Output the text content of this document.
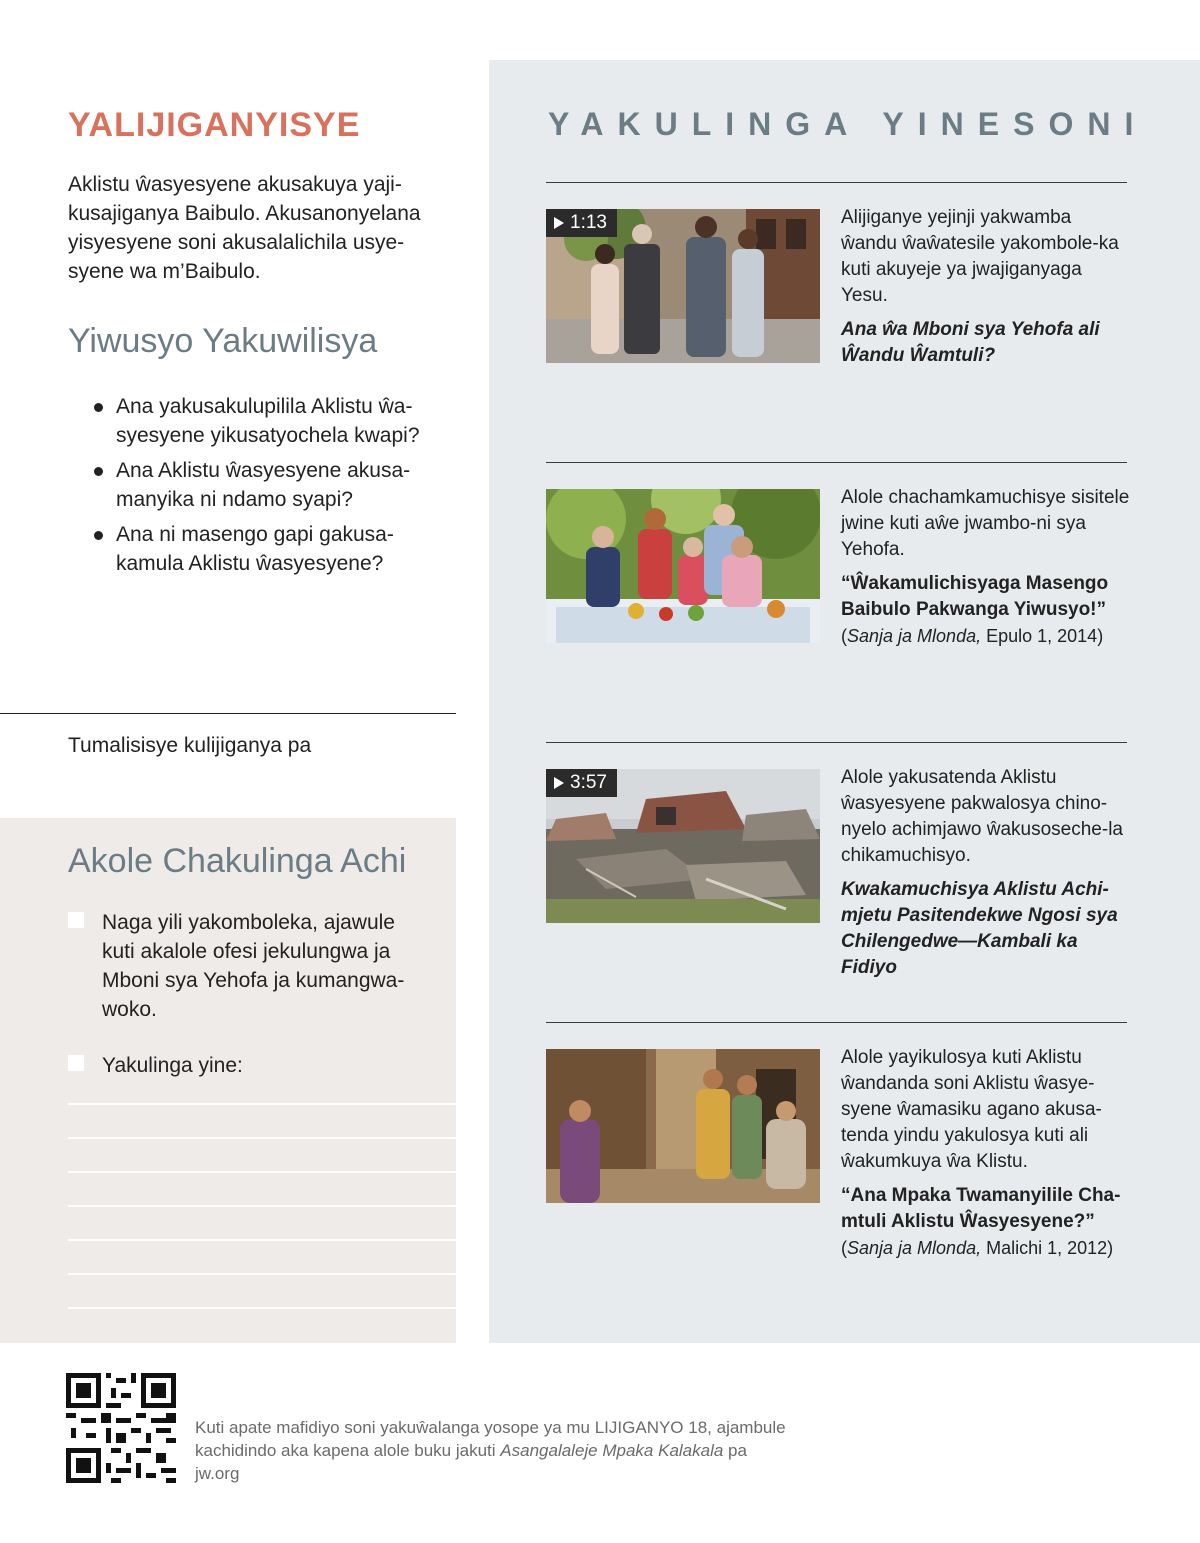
YALIJIGANYISYE
Aklistu ŵasyesyene akusakuya yaji-kusajiganya Baibulo. Akusanonyelana yisyesyene soni akusalalichila usye-syene wa m’Baibulo.
Yiwusyo Yakuwilisya
Ana yakusakulupilila Aklistu ŵa-syesyene yikusatyochela kwapi?
Ana Aklistu ŵasyesyene akusa-manyika ni ndamo syapi?
Ana ni masengo gapi gakusa-kamula Aklistu ŵasyesyene?
Tumalisisye kulijiganya pa
Akole Chakulinga Achi
Naga yili yakomboleka, ajawule kuti akalole ofesi jekulungwa ja Mboni sya Yehofa ja kumangwa-woko.
Yakulinga yine:
YAKULINGA YINESONI
1:13	Alijiganye yejinji yakwamba ŵandu ŵaŵatesile yakombole-ka kuti akuyeje ya jwajiganyaga Yesu.

Ana ŵa Mboni sya Yehofa ali Ŵandu Ŵamtuli?

Alole chachamkamuchisye sisitele jwine kuti aŵe jwambo-ni sya Yehofa.

“Ŵakamulichisyaga Masengo Baibulo Pakwanga Yiwusyo!”

(Sanja ja Mlonda, Epulo 1, 2014)

3:57	Alole yakusatenda Aklistu ŵasyesyene pakwalosya chino-nyelo achimjawo ŵakusoseche-la chikamuchisyo.

Kwakamuchisya Aklistu Achi-mjetu Pasitendekwe Ngosi sya Chilengedwe—Kambali ka Fidiyo

Alole yayikulosya kuti Aklistu ŵandanda soni Aklistu ŵasye-syene ŵamasiku agano akusa-tenda yindu yakulosya kuti ali ŵakumkuya ŵa Klistu.

“Ana Mpaka Twamanyilile Cha-mtuli Aklistu Ŵasyesyene?”

(Sanja ja Mlonda, Malichi 1, 2012)

Kuti apate mafidiyo soni yakuŵalanga yosope ya mu LIJIGANYO 18, ajambule kachidindo aka kapena alole buku jakuti Asangalaleje Mpaka Kalakala pa jw.org
